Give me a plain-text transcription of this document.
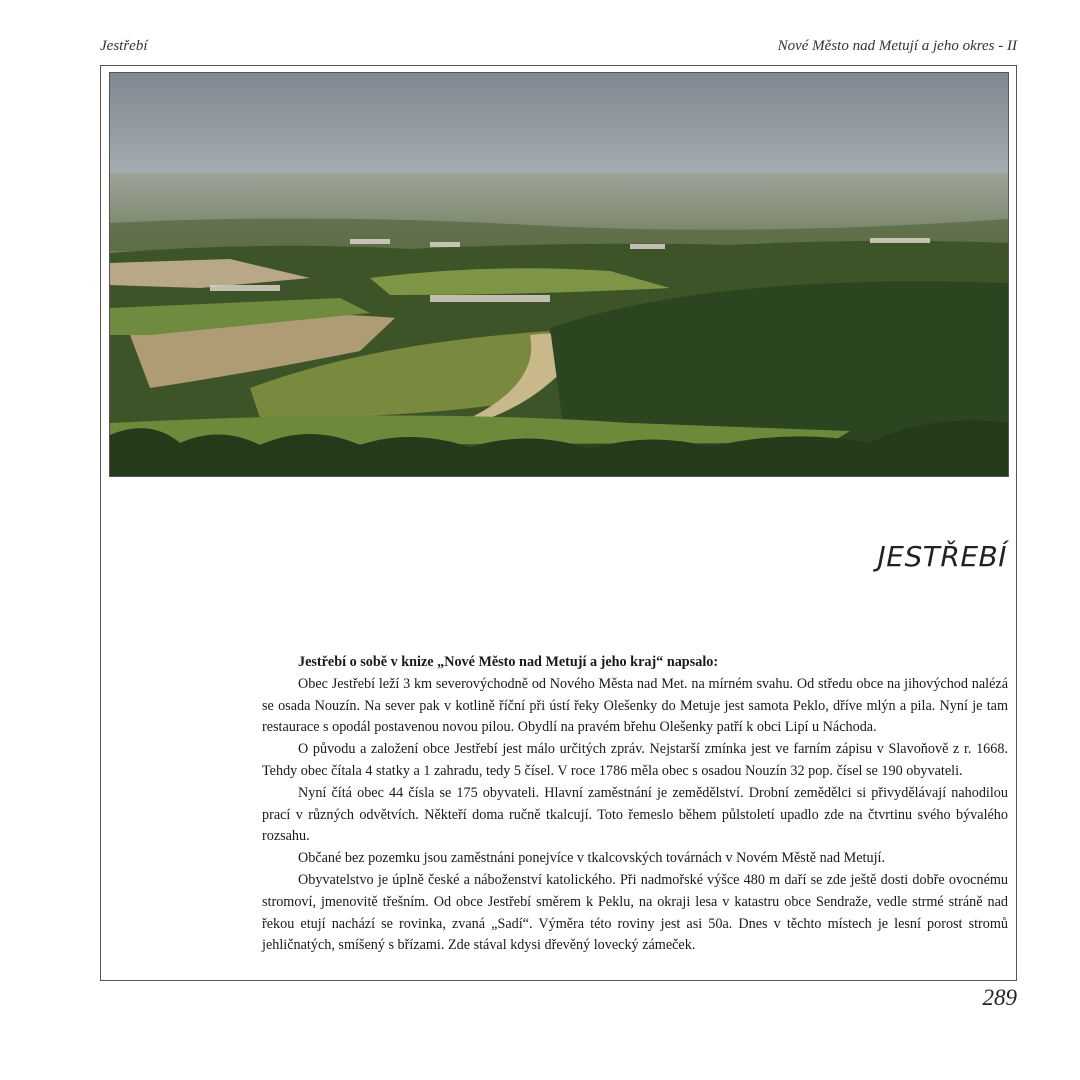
Jestřebí	Nové Město nad Metují a jeho okres - II
JESTŘEBÍ

Jestřebí o sobě v knize „Nové Město nad Metují a jeho kraj“ napsalo:

Obec Jestřebí leží 3 km severovýchodně od Nového Města nad Met. na mírném svahu. Od středu obce na jihovýchod nalézá se osada Nouzín. Na sever pak v kotlině říční při ústí řeky Olešenky do Metuje jest samota Peklo, dříve mlýn a pila. Nyní je tam restaurace s opodál postavenou novou pilou. Obydlí na pravém břehu Olešenky patří k obci Lipí u Náchoda.

O původu a založení obce Jestřebí jest málo určitých zpráv. Nejstarší zmínka jest ve farním zápisu v Slavoňově z r. 1668. Tehdy obec čítala 4 statky a 1 zahradu, tedy 5 čísel. V roce 1786 měla obec s osadou Nouzín 32 pop. čísel se 190 obyvateli.

Nyní čítá obec 44 čísla se 175 obyvateli. Hlavní zaměstnání je zemědělství. Drobní zemědělci si přivydělávají nahodilou prací v různých odvětvích. Někteří doma ručně tkalcují. Toto řemeslo během půlstoletí upadlo zde na čtvrtinu svého bývalého rozsahu.

Občané bez pozemku jsou zaměstnáni ponejvíce v tkalcovských továrnách v Novém Městě nad Metují.

Obyvatelstvo je úplně české a náboženství katolického. Při nadmořské výšce 480 m daří se zde ještě dosti dobře ovocnému stromoví, jmenovitě třešním. Od obce Jestřebí směrem k Peklu, na okraji lesa v katastru obce Sendraže, vedle strmé stráně nad řekou etují nachází se rovinka, zvaná „Sadí“. Výměra této roviny jest asi 50a. Dnes v těchto místech je lesní porost stromů jehličnatých, smíšený s břízami. Zde stával kdysi dřevěný lovecký zámeček.

289
